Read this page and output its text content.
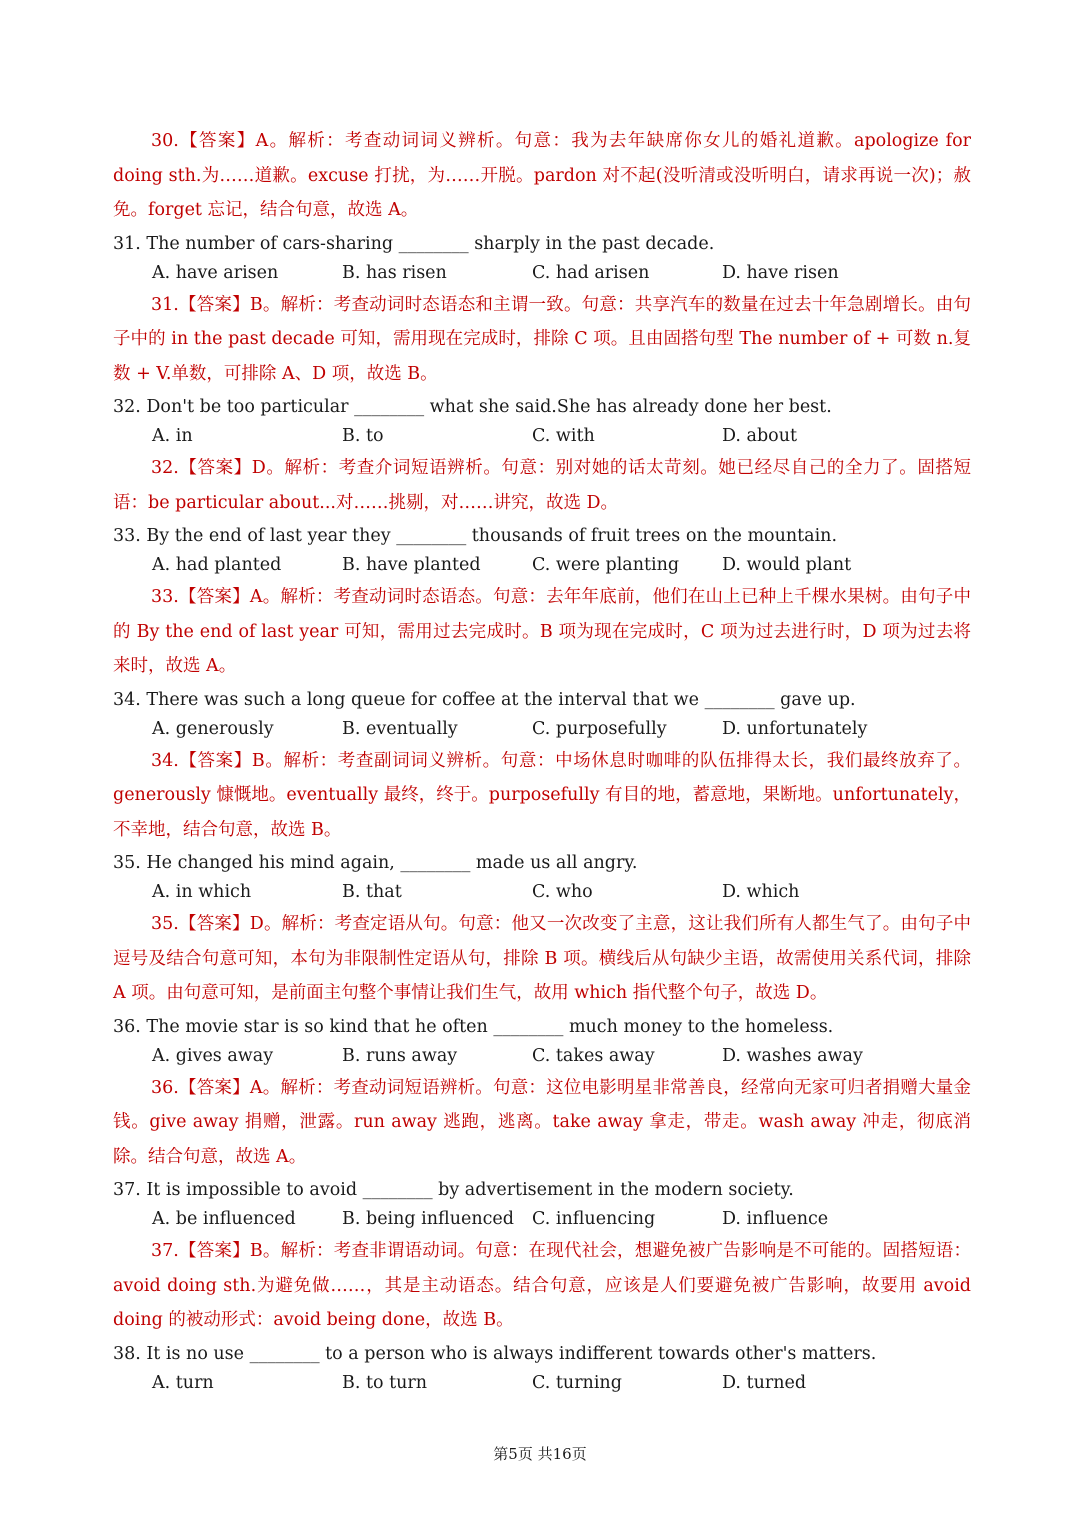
30.【答案】A。解析：考查动词词义辨析。句意：我为去年缺席你女儿的婚礼道歉。apologize for doing sth.为……道歉。excuse 打扰，为……开脱。pardon 对不起(没听清或没听明白，请求再说一次)；赦免。forget 忘记，结合句意，故选 A。

31. The number of cars-sharing ________ sharply in the past decade.

A. have arisen	B. has risen	C. had arisen	D. have risen

31.【答案】B。解析：考查动词时态语态和主谓一致。句意：共享汽车的数量在过去十年急剧增长。由句子中的 in the past decade 可知，需用现在完成时，排除 C 项。且由固搭句型 The number of + 可数 n.复数 + V.单数，可排除 A、D 项，故选 B。

32. Don't be too particular ________ what she said.She has already done her best.

A. in	B. to	C. with	D. about

32.【答案】D。解析：考查介词短语辨析。句意：别对她的话太苛刻。她已经尽自己的全力了。固搭短语：be particular about...对……挑剔，对……讲究，故选 D。

33. By the end of last year they ________ thousands of fruit trees on the mountain.

A. had planted	B. have planted	C. were planting	D. would plant

33.【答案】A。解析：考查动词时态语态。句意：去年年底前，他们在山上已种上千棵水果树。由句子中的 By the end of last year 可知，需用过去完成时。B 项为现在完成时，C 项为过去进行时，D 项为过去将来时，故选 A。

34. There was such a long queue for coffee at the interval that we ________ gave up.

A. generously	B. eventually	C. purposefully	D. unfortunately

34.【答案】B。解析：考查副词词义辨析。句意：中场休息时咖啡的队伍排得太长，我们最终放弃了。generously 慷慨地。eventually 最终，终于。purposefully 有目的地，蓄意地，果断地。unfortunately，不幸地，结合句意，故选 B。

35. He changed his mind again, ________ made us all angry.

A. in which	B. that	C. who	D. which

35.【答案】D。解析：考查定语从句。句意：他又一次改变了主意，这让我们所有人都生气了。由句子中逗号及结合句意可知，本句为非限制性定语从句，排除 B 项。横线后从句缺少主语，故需使用关系代词，排除 A 项。由句意可知，是前面主句整个事情让我们生气，故用 which 指代整个句子，故选 D。

36. The movie star is so kind that he often ________ much money to the homeless.

A. gives away	B. runs away	C. takes away	D. washes away

36.【答案】A。解析：考查动词短语辨析。句意：这位电影明星非常善良，经常向无家可归者捐赠大量金钱。give away 捐赠，泄露。run away 逃跑，逃离。take away 拿走，带走。wash away 冲走，彻底消除。结合句意，故选 A。

37. It is impossible to avoid ________ by advertisement in the modern society.

A. be influenced	B. being influenced	C. influencing	D. influence

37.【答案】B。解析：考查非谓语动词。句意：在现代社会，想避免被广告影响是不可能的。固搭短语：avoid doing sth.为避免做……，其是主动语态。结合句意，应该是人们要避免被广告影响，故要用 avoid doing 的被动形式：avoid being done，故选 B。

38. It is no use ________ to a person who is always indifferent towards other's matters.

A. turn	B. to turn	C. turning	D. turned
第5页 共16页
